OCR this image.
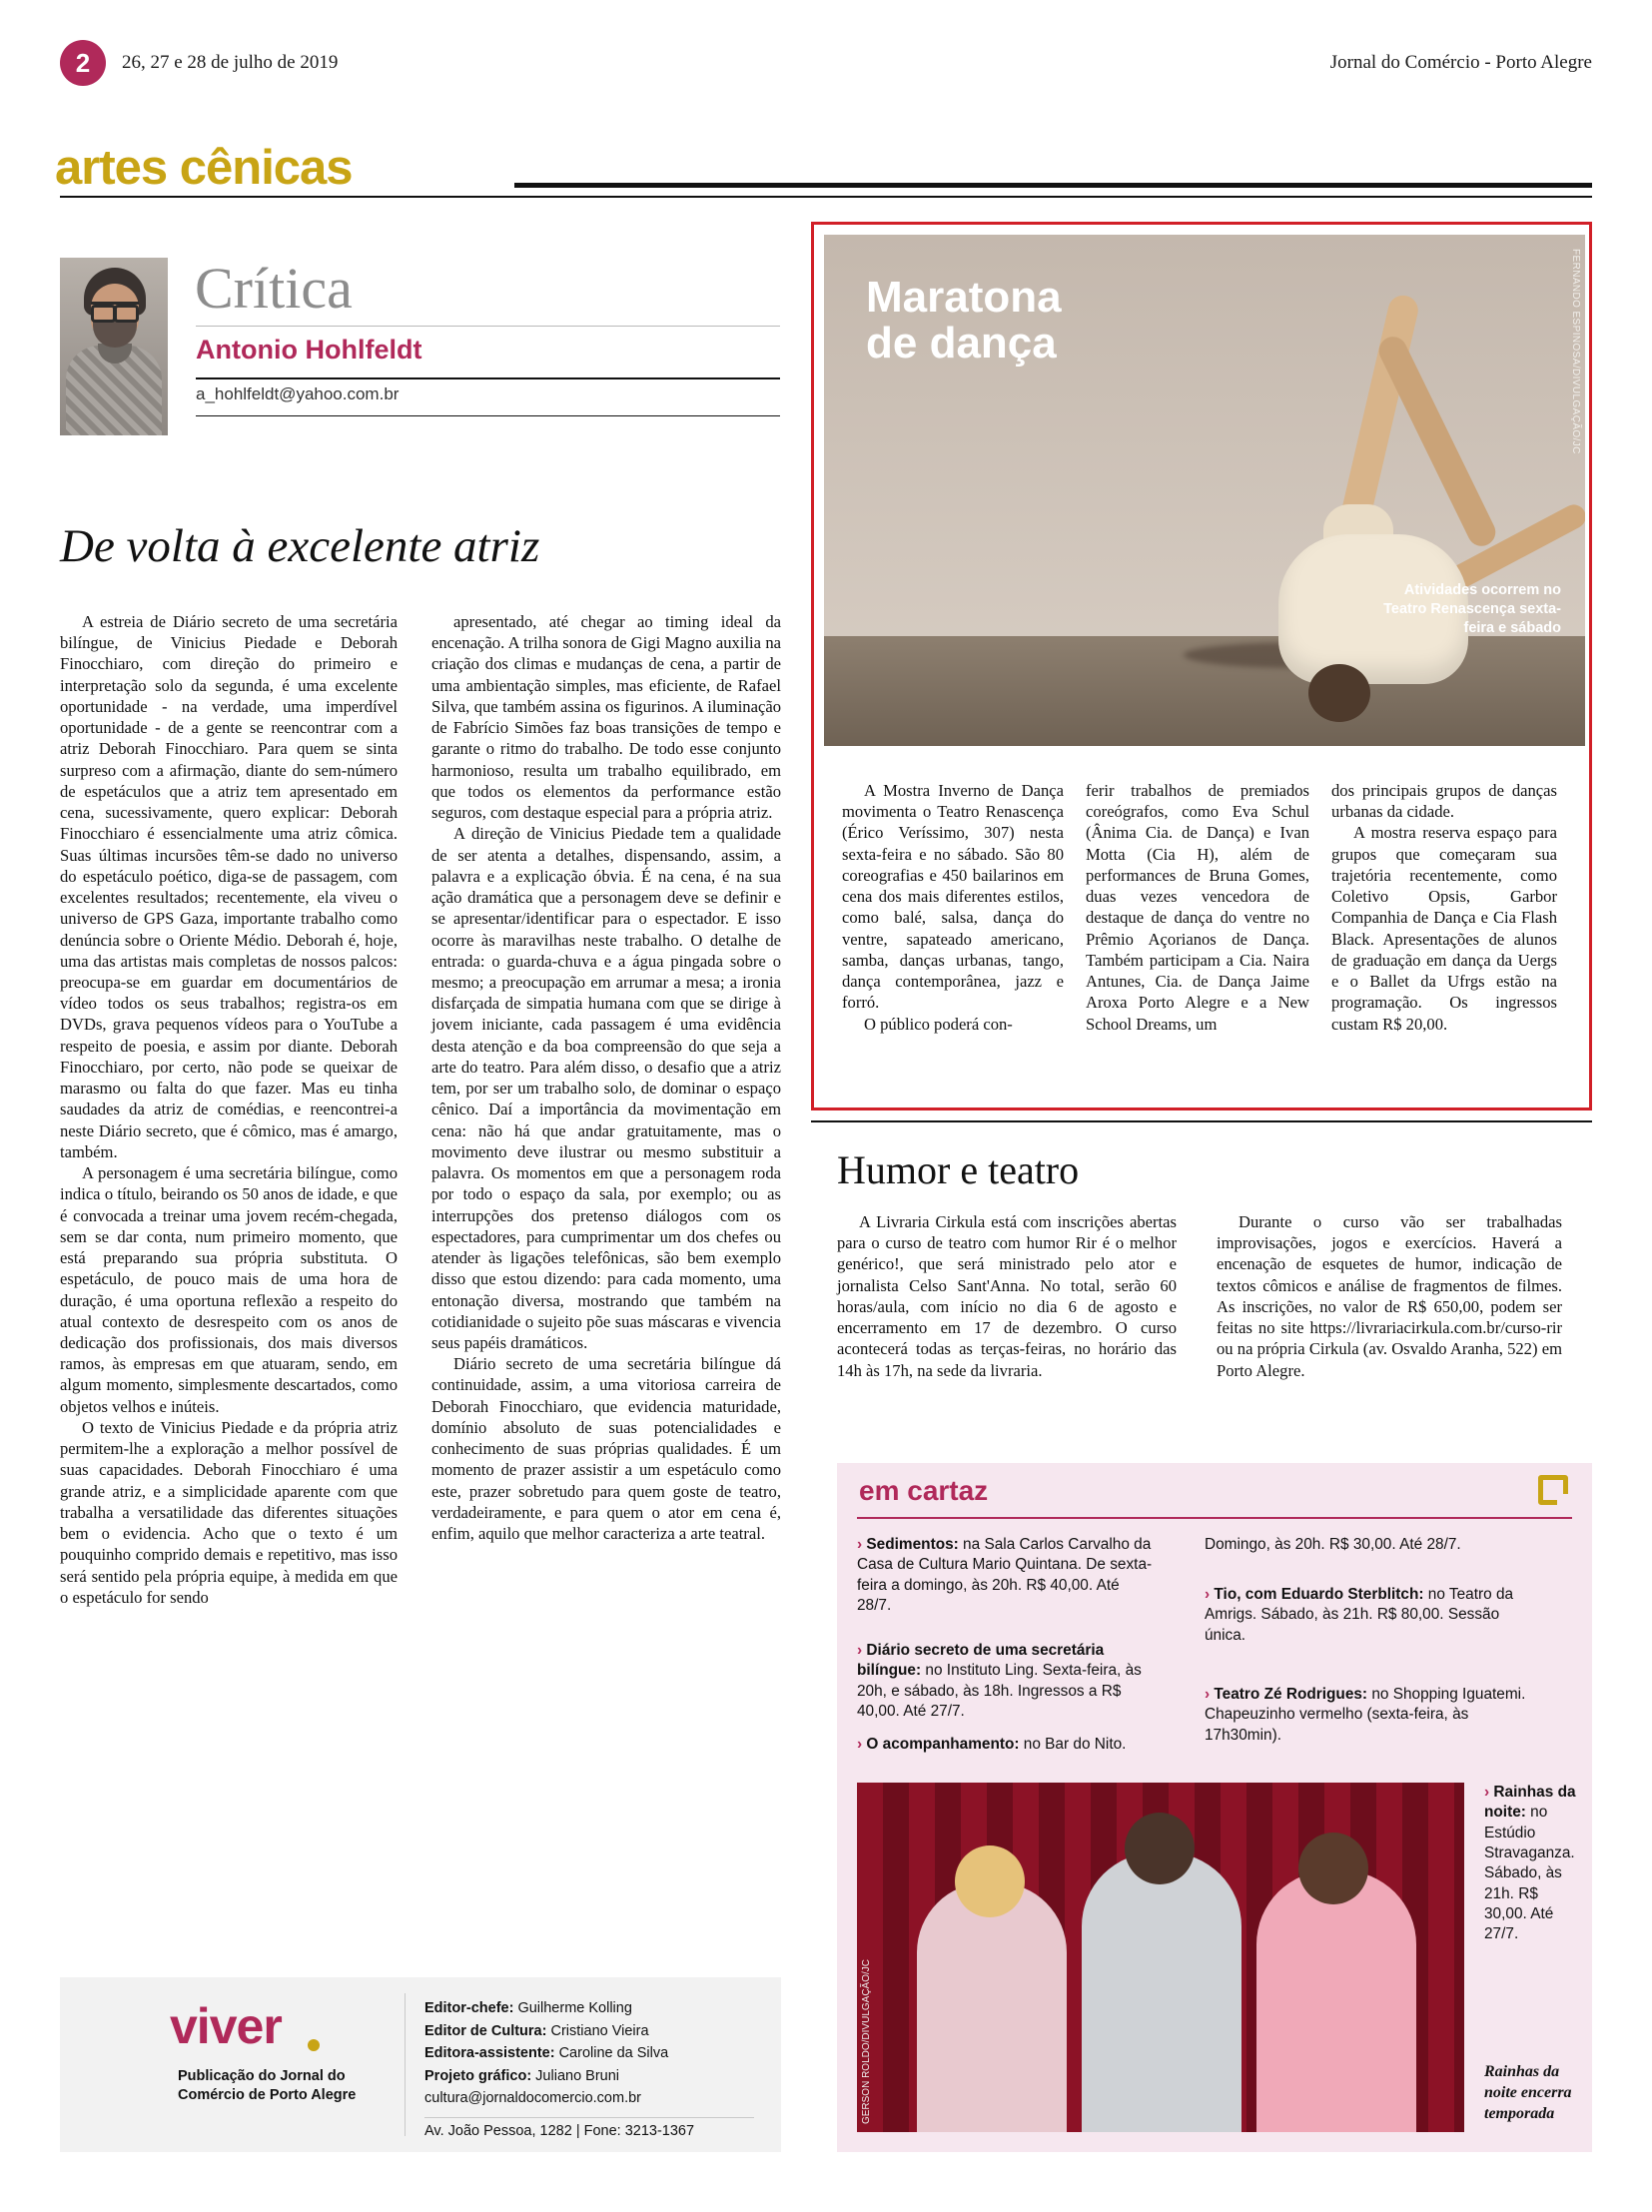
2	26, 27 e 28 de julho de 2019	Jornal do Comércio - Porto Alegre
artes cênicas
Crítica
Antonio Hohlfeldt
a_hohlfeldt@yahoo.com.br
De volta à excelente atriz

A estreia de Diário secreto de uma secretária bilíngue, de Vinicius Piedade e Deborah Finocchiaro, com direção do primeiro e interpretação solo da segunda, é uma excelente oportunidade - na verdade, uma imperdível oportunidade - de a gente se reencontrar com a atriz Deborah Finocchiaro. Para quem se sinta surpreso com a afirmação, diante do sem-número de espetáculos que a atriz tem apresentado em cena, sucessivamente, quero explicar: Deborah Finocchiaro é essencialmente uma atriz cômica. Suas últimas incursões têm-se dado no universo do espetáculo poético, diga-se de passagem, com excelentes resultados; recentemente, ela viveu o universo de GPS Gaza, importante trabalho como denúncia sobre o Oriente Médio. Deborah é, hoje, uma das artistas mais completas de nossos palcos: preocupa-se em guardar em documentários de vídeo todos os seus trabalhos; registra-os em DVDs, grava pequenos vídeos para o YouTube a respeito de poesia, e assim por diante. Deborah Finocchiaro, por certo, não pode se queixar de marasmo ou falta do que fazer. Mas eu tinha saudades da atriz de comédias, e reencontrei-a neste Diário secreto, que é cômico, mas é amargo, também.

A personagem é uma secretária bilíngue, como indica o título, beirando os 50 anos de idade, e que é convocada a treinar uma jovem recém-chegada, sem se dar conta, num primeiro momento, que está preparando sua própria substituta. O espetáculo, de pouco mais de uma hora de duração, é uma oportuna reflexão a respeito do atual contexto de desrespeito com os anos de dedicação dos profissionais, dos mais diversos ramos, às empresas em que atuaram, sendo, em algum momento, simplesmente descartados, como objetos velhos e inúteis.

O texto de Vinicius Piedade e da própria atriz permitem-lhe a exploração a melhor possível de suas capacidades. Deborah Finocchiaro é uma grande atriz, e a simplicidade aparente com que trabalha a versatilidade das diferentes situações bem o evidencia. Acho que o texto é um pouquinho comprido demais e repetitivo, mas isso será sentido pela própria equipe, à medida em que o espetáculo for sendo

apresentado, até chegar ao timing ideal da encenação. A trilha sonora de Gigi Magno auxilia na criação dos climas e mudanças de cena, a partir de uma ambientação simples, mas eficiente, de Rafael Silva, que também assina os figurinos. A iluminação de Fabrício Simões faz boas transições de tempo e garante o ritmo do trabalho. De todo esse conjunto harmonioso, resulta um trabalho equilibrado, em que todos os elementos da performance estão seguros, com destaque especial para a própria atriz.

A direção de Vinicius Piedade tem a qualidade de ser atenta a detalhes, dispensando, assim, a palavra e a explicação óbvia. É na cena, é na sua ação dramática que a personagem deve se definir e se apresentar/identificar para o espectador. E isso ocorre às maravilhas neste trabalho. O detalhe de entrada: o guarda-chuva e a água pingada sobre o mesmo; a preocupação em arrumar a mesa; a ironia disfarçada de simpatia humana com que se dirige à jovem iniciante, cada passagem é uma evidência desta atenção e da boa compreensão do que seja a arte do teatro. Para além disso, o desafio que a atriz tem, por ser um trabalho solo, de dominar o espaço cênico. Daí a importância da movimentação em cena: não há que andar gratuitamente, mas o movimento deve ilustrar ou mesmo substituir a palavra. Os momentos em que a personagem roda por todo o espaço da sala, por exemplo; ou as interrupções dos pretenso diálogos com os espectadores, para cumprimentar um dos chefes ou atender às ligações telefônicas, são bem exemplo disso que estou dizendo: para cada momento, uma entonação diversa, mostrando que também na cotidianidade o sujeito põe suas máscaras e vivencia seus papéis dramáticos.

Diário secreto de uma secretária bilíngue dá continuidade, assim, a uma vitoriosa carreira de Deborah Finocchiaro, que evidencia maturidade, domínio absoluto de suas potencialidades e conhecimento de suas próprias qualidades. É um momento de prazer assistir a um espetáculo como este, prazer sobretudo para quem goste de teatro, verdadeiramente, e para quem o ator em cena é, enfim, aquilo que melhor caracteriza a arte teatral.

FERNANDO ESPINOSA/DIVULGAÇÃO/JC
Maratona
de dança
Atividades ocorrem no Teatro Renascença sexta-feira e sábado

A Mostra Inverno de Dança movimenta o Teatro Renascença (Érico Veríssimo, 307) nesta sexta-feira e no sábado. São 80 coreografias e 450 bailarinos em cena dos mais diferentes estilos, como balé, salsa, dança do ventre, sapateado americano, samba, danças urbanas, tango, dança contemporânea, jazz e forró.

O público poderá con-

ferir trabalhos de premiados coreógrafos, como Eva Schul (Ânima Cia. de Dança) e Ivan Motta (Cia H), além de performances de Bruna Gomes, duas vezes vencedora de destaque de dança do ventre no Prêmio Açorianos de Dança. Também participam a Cia. Naira Antunes, Cia. de Dança Jaime Aroxa Porto Alegre e a New School Dreams, um

dos principais grupos de danças urbanas da cidade.

A mostra reserva espaço para grupos que começaram sua trajetória recentemente, como Coletivo Opsis, Garbor Companhia de Dança e Cia Flash Black. Apresentações de alunos de graduação em dança da Uergs e o Ballet da Ufrgs estão na programação. Os ingressos custam R$ 20,00.

Humor e teatro

A Livraria Cirkula está com inscrições abertas para o curso de teatro com humor Rir é o melhor genérico!, que será ministrado pelo ator e jornalista Celso Sant'Anna. No total, serão 60 horas/aula, com início no dia 6 de agosto e encerramento em 17 de dezembro. O curso acontecerá todas as terças-feiras, no horário das 14h às 17h, na sede da livraria.

Durante o curso vão ser trabalhadas improvisações, jogos e exercícios. Haverá a encenação de esquetes de humor, indicação de textos cômicos e análise de fragmentos de filmes. As inscrições, no valor de R$ 650,00, podem ser feitas no site https://livrariacirkula.com.br/curso-rir ou na própria Cirkula (av. Osvaldo Aranha, 522) em Porto Alegre.

em cartaz
› Sedimentos: na Sala Carlos Carvalho da Casa de Cultura Mario Quintana. De sexta-feira a domingo, às 20h. R$ 40,00. Até 28/7.
› Diário secreto de uma secretária bilíngue: no Instituto Ling. Sexta-feira, às 20h, e sábado, às 18h. Ingressos a R$ 40,00. Até 27/7.
› O acompanhamento: no Bar do Nito.
Domingo, às 20h. R$ 30,00. Até 28/7.
› Tio, com Eduardo Sterblitch: no Teatro da Amrigs. Sábado, às 21h. R$ 80,00. Sessão única.
› Teatro Zé Rodrigues: no Shopping Iguatemi. Chapeuzinho vermelho (sexta-feira, às 17h30min).
GERSON ROLDO/DIVULGAÇÃO/JC
› Rainhas da noite: no Estúdio Stravaganza. Sábado, às 21h. R$ 30,00. Até 27/7.
Rainhas da noite encerra temporada
viver
Publicação do Jornal do Comércio de Porto Alegre
Editor-chefe: Guilherme Kolling
Editor de Cultura: Cristiano Vieira
Editora-assistente: Caroline da Silva
Projeto gráfico: Juliano Bruni
cultura@jornaldocomercio.com.br
Av. João Pessoa, 1282 | Fone: 3213-1367
